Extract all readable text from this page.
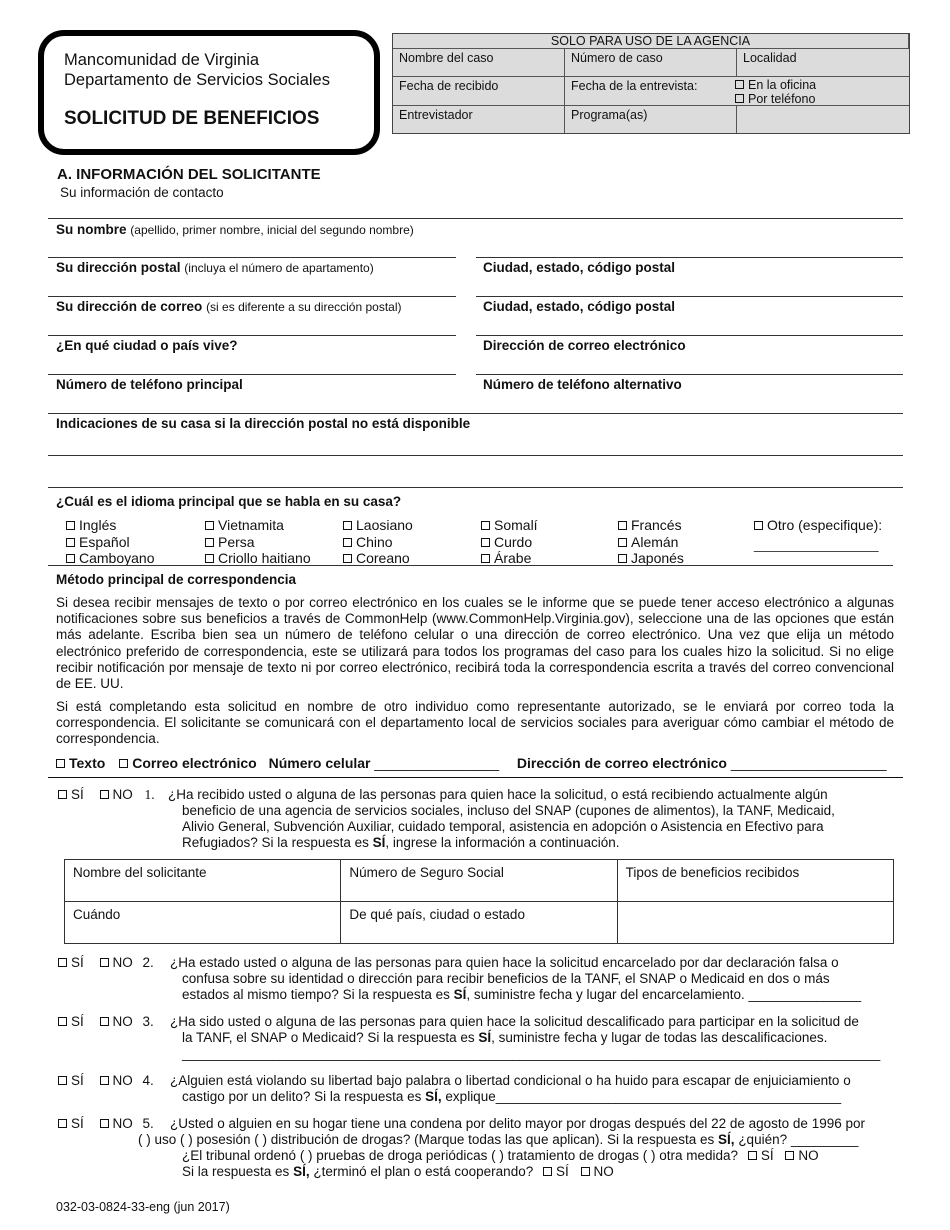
Mancomunidad de Virginia
Departamento de Servicios Sociales
SOLICITUD DE BENEFICIOS
SOLO PARA USO DE LA AGENCIA
Nombre del caso	Número de caso	Localidad
Fecha de recibido	Fecha de la entrevista:	En la oficina
Por teléfono
Entrevistador	Programa(as)
A. INFORMACIÓN DEL SOLICITANTE
Su información de contacto
Su nombre (apellido, primer nombre, inicial del segundo nombre)
Su dirección postal (incluya el número de apartamento)	Ciudad, estado, código postal
Su dirección de correo (si es diferente a su dirección postal)	Ciudad, estado, código postal
¿En qué ciudad o país vive?	Dirección de correo electrónico
Número de teléfono principal	Número de teléfono alternativo
Indicaciones de su casa si la dirección postal no está disponible
¿Cuál es el idioma principal que se habla en su casa?
Inglés
Español
Camboyano
Vietnamita
Persa
Criollo haitiano
Laosiano
Chino
Coreano
Somalí
Curdo
Árabe
Francés
Alemán
Japonés
Otro (especifique):
________________
Método principal de correspondencia

Si desea recibir mensajes de texto o por correo electrónico en los cuales se le informe que se puede tener acceso electrónico a algunas notificaciones sobre sus beneficios a través de CommonHelp (www.CommonHelp.Virginia.gov), seleccione una de las opciones que están más adelante. Escriba bien sea un número de teléfono celular o una dirección de correo electrónico. Una vez que elija un método electrónico preferido de correspondencia, este se utilizará para todos los programas del caso para los cuales hizo la solicitud. Si no elige recibir notificación por mensaje de texto ni por correo electrónico, recibirá toda la correspondencia escrita a través del correo convencional de EE. UU.

Si está completando esta solicitud en nombre de otro individuo como representante autorizado, se le enviará por correo toda la correspondencia. El solicitante se comunicará con el departamento local de servicios sociales para averiguar cómo cambiar el método de correspondencia.

Texto Correo electrónico Número celular ________________ Dirección de correo electrónico ____________________
SÍ NO 1. ¿Ha recibido usted o alguna de las personas para quien hace la solicitud, o está recibiendo actualmente algún
beneficio de una agencia de servicios sociales, incluso del SNAP (cupones de alimentos), la TANF, Medicaid,
Alivio General, Subvención Auxiliar, cuidado temporal, asistencia en adopción o Asistencia en Efectivo para
Refugiados? Si la respuesta es SÍ, ingrese la información a continuación.
Nombre del solicitante	Número de Seguro Social	Tipos de beneficios recibidos
Cuándo	De qué país, ciudad o estado	
SÍ NO 2. ¿Ha estado usted o alguna de las personas para quien hace la solicitud encarcelado por dar declaración falsa o
confusa sobre su identidad o dirección para recibir beneficios de la TANF, el SNAP o Medicaid en dos o más
estados al mismo tiempo? Si la respuesta es SÍ, suministre fecha y lugar del encarcelamiento. _______________
SÍ NO 3. ¿Ha sido usted o alguna de las personas para quien hace la solicitud descalificado para participar en la solicitud de
la TANF, el SNAP o Medicaid? Si la respuesta es SÍ, suministre fecha y lugar de todas las descalificaciones.
_____________________________________________________________________________________________
SÍ NO 4. ¿Alguien está violando su libertad bajo palabra o libertad condicional o ha huido para escapar de enjuiciamiento o
castigo por un delito? Si la respuesta es SÍ, explique______________________________________________
SÍ NO 5. ¿Usted o alguien en su hogar tiene una condena por delito mayor por drogas después del 22 de agosto de 1996 por
( ) uso ( ) posesión ( ) distribución de drogas? (Marque todas las que aplican). Si la respuesta es SÍ, ¿quién? _________
¿El tribunal ordenó ( ) pruebas de droga periódicas ( ) tratamiento de drogas ( ) otra medida? SÍ NO
Si la respuesta es SÍ, ¿terminó el plan o está cooperando? SÍ NO
032-03-0824-33-eng (jun 2017)
